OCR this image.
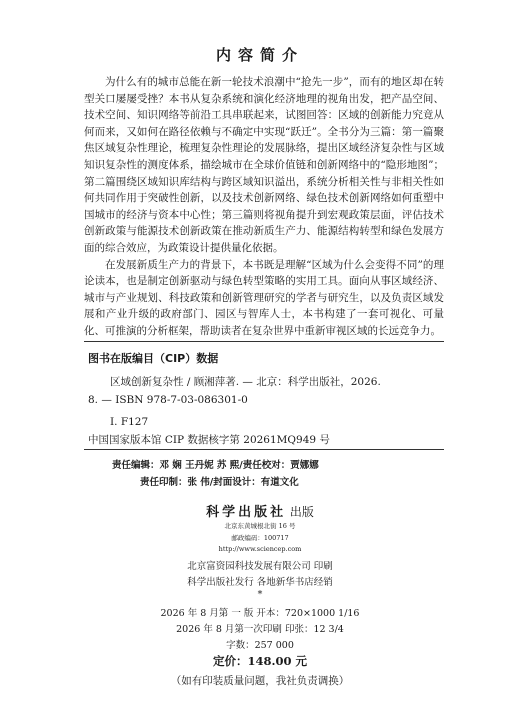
内容简介

为什么有的城市总能在新一轮技术浪潮中“抢先一步”，而有的地区却在转型关口屡屡受挫？本书从复杂系统和演化经济地理的视角出发，把产品空间、技术空间、知识网络等前沿工具串联起来，试图回答：区域的创新能力究竟从何而来，又如何在路径依赖与不确定中实现“跃迁”。全书分为三篇：第一篇聚焦区域复杂性理论，梳理复杂性理论的发展脉络，提出区域经济复杂性与区域知识复杂性的测度体系，描绘城市在全球价值链和创新网络中的“隐形地图”；第二篇围绕区域知识库结构与跨区域知识溢出，系统分析相关性与非相关性如何共同作用于突破性创新，以及技术创新网络、绿色技术创新网络如何重塑中国城市的经济与资本中心性；第三篇则将视角提升到宏观政策层面，评估技术创新政策与能源技术创新政策在推动新质生产力、能源结构转型和绿色发展方面的综合效应，为政策设计提供量化依据。

在发展新质生产力的背景下，本书既是理解“区域为什么会变得不同”的理论读本，也是制定创新驱动与绿色转型策略的实用工具。面向从事区域经济、城市与产业规划、科技政策和创新管理研究的学者与研究生，以及负责区域发展和产业升级的政府部门、园区与智库人士，本书构建了一套可视化、可量化、可推演的分析框架，帮助读者在复杂世界中重新审视区域的长远竞争力。

图书在版编目（CIP）数据
区域创新复杂性 / 顾湘萍著. — 北京：科学出版社，2026.
8. — ISBN 978-7-03-086301-0
Ⅰ. F127
中国国家版本馆 CIP 数据核字第 20261MQ949 号
责任编辑：邓 娴 王丹妮 苏 熙/责任校对：贾娜娜
责任印制：张 伟/封面设计：有道文化
科学出版社 出版
北京东黄城根北街 16 号
邮政编码：100717
http://www.sciencep.com
北京富资园科技发展有限公司 印刷
科学出版社发行 各地新华书店经销
*
2026 年 8 月第 一 版 开本：720×1000 1/16
2026 年 8 月第一次印刷 印张：12 3/4
字数：257 000
定价：148.00 元
（如有印装质量问题，我社负责调换）
